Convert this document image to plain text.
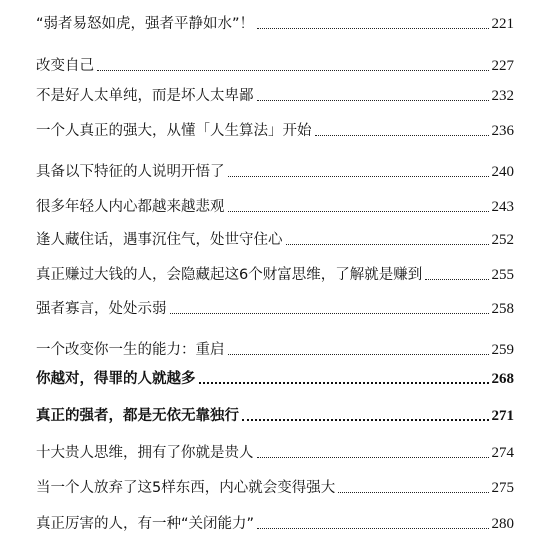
“弱者易怒如虎，强者平静如水”！	221
改变自己	227
不是好人太单纯，而是坏人太卑鄙	232
一个人真正的强大，从懂「人生算法」开始	236
具备以下特征的人说明开悟了	240
很多年轻人内心都越来越悲观	243
逢人藏住话，遇事沉住气，处世守住心	252
真正赚过大钱的人，会隐藏起这6个财富思维，了解就是赚到	255
强者寡言，处处示弱	258
一个改变你一生的能力：重启	259
你越对，得罪的人就越多	268
真正的强者，都是无依无靠独行	271
十大贵人思维，拥有了你就是贵人	274
当一个人放弃了这5样东西，内心就会变得强大	275
真正厉害的人，有一种“关闭能力”	280
